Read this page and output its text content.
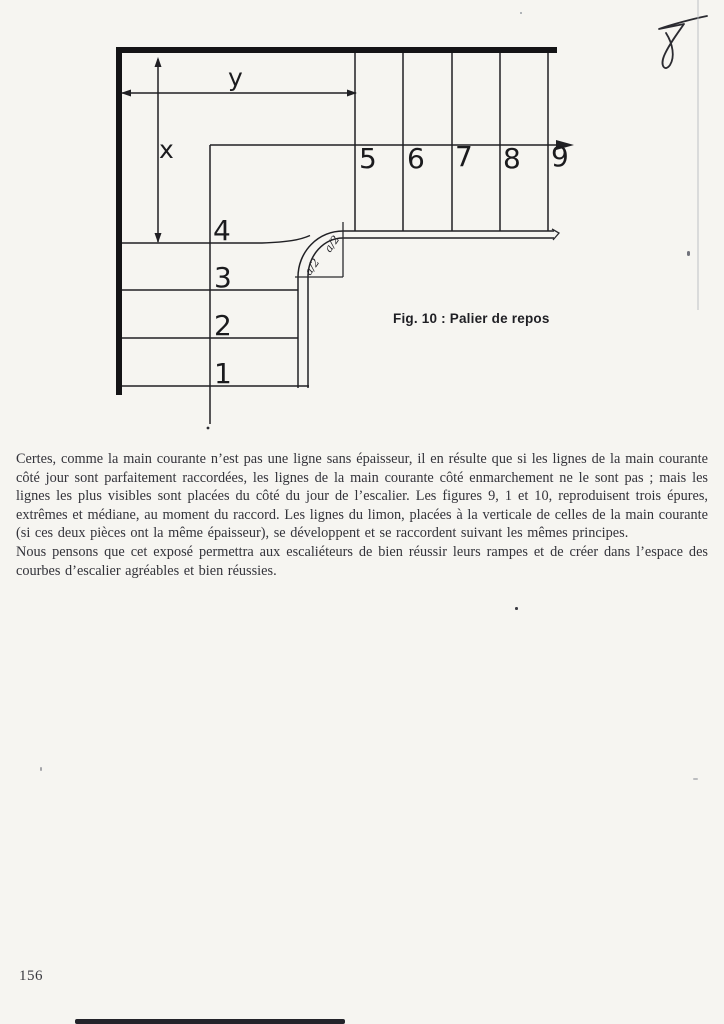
y
x
a/2
a/2
4
3
2
1
5 6 7 8 9
Fig. 10 : Palier de repos

Certes, comme la main courante n’est pas une ligne sans épaisseur, il en résulte que si les lignes de la main courante côté jour sont parfaitement raccordées, les lignes de la main courante côté enmarchement ne le sont pas ; mais les lignes les plus visibles sont placées du côté du jour de l’escalier. Les figures 9, 1 et 10, reproduisent trois épures, extrêmes et médiane, au moment du raccord. Les lignes du limon, placées à la verticale de celles de la main courante (si ces deux pièces ont la même épaisseur), se développent et se raccordent suivant les mêmes principes.

Nous pensons que cet exposé permettra aux escaliéteurs de bien réussir leurs rampes et de créer dans l’espace des courbes d’escalier agréables et bien réussies.

156
